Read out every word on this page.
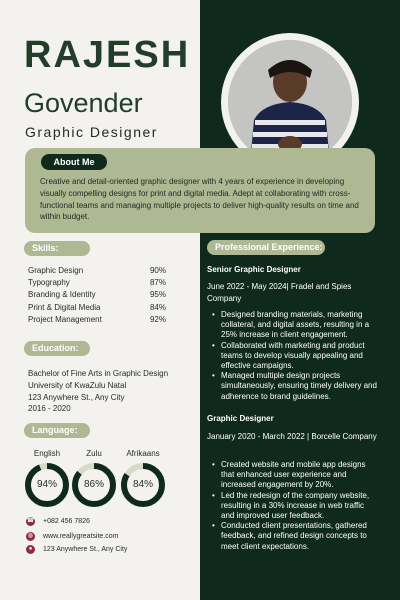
RAJESH
Govender
Graphic Designer
About Me
Creative and detail-oriented graphic designer with 4 years of experience in developing visually compelling designs for print and digital media. Adept at collaborating with cross-functional teams and managing multiple projects to deliver high-quality results on time and within budget.
Skills:
Graphic Design	90%
Typography	87%
Branding & Identity	95%
Print & Digital Media	84%
Project Management	92%
Education:
Bachelor of Fine Arts in Graphic Design
University of KwaZulu Natal
123 Anywhere St., Any City
2016 - 2020
Language:
English
94%
Zulu
86%
Afrikaans
84%
☎ +082 456 7826
◍ www.reallygreatsite.com
●	123 Anywhere St., Any City
Professional Experience:
Senior Graphic Designer
June 2022 - May 2024| Fradel and Spies Company
• Designed branding materials, marketing collateral, and digital assets, resulting in a 25% increase in client engagement.
• Collaborated with marketing and product teams to develop visually appealing and effective campaigns.
• Managed multiple design projects simultaneously, ensuring timely delivery and adherence to brand guidelines.
Graphic Designer
January 2020 - March 2022 | Borcelle Company
• Created website and mobile app designs that enhanced user experience and increased engagement by 20%.
• Led the redesign of the company website, resulting in a 30% increase in web traffic and improved user feedback.
• Conducted client presentations, gathered feedback, and refined design concepts to meet client expectations.
